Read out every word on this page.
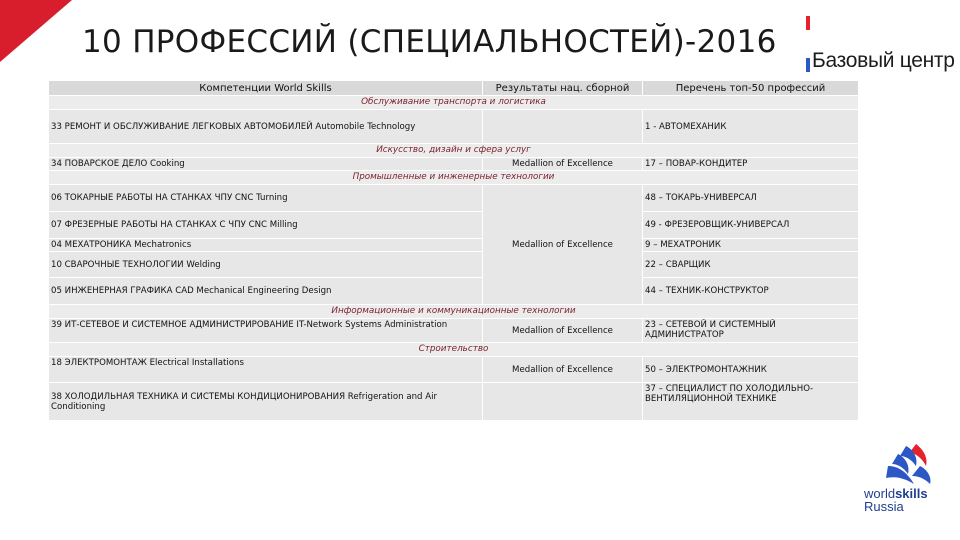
10 ПРОФЕССИЙ (СПЕЦИАЛЬНОСТЕЙ)-2016
Базовый центр
Компетенции World Skills	Результаты нац. сборной	Перечень топ-50 профессий
Обслуживание транспорта и логистика		
33 РЕМОНТ И ОБСЛУЖИВАНИЕ ЛЕГКОВЫХ АВТОМОБИЛЕЙ Automobile Technology		1 - АВТОМЕХАНИК
Искусство, дизайн и сфера услуг		
34 ПОВАРСКОЕ ДЕЛО Cooking	Medallion of Excellence	17 – ПОВАР-КОНДИТЕР
Промышленные и инженерные технологии		
06 ТОКАРНЫЕ РАБОТЫ НА СТАНКАХ ЧПУ CNC Turning	Medallion of Excellence	48 – ТОКАРЬ-УНИВЕРСАЛ
07 ФРЕЗЕРНЫЕ РАБОТЫ НА СТАНКАХ С ЧПУ CNC Milling		49 - ФРЕЗЕРОВЩИК-УНИВЕРСАЛ
04 МЕХАТРОНИКА Mechatronics		9 – МЕХАТРОНИК
10 СВАРОЧНЫЕ ТЕХНОЛОГИИ Welding		22 – СВАРЩИК
05 ИНЖЕНЕРНАЯ ГРАФИКА CAD Mechanical Engineering Design		44 – ТЕХНИК-КОНСТРУКТОР
Информационные и коммуникационные технологии		
39 ИТ-СЕТЕВОЕ И СИСТЕМНОЕ АДМИНИСТРИРОВАНИЕ IT-Network Systems Administration	Medallion of Excellence	23 – СЕТЕВОЙ И СИСТЕМНЫЙ АДМИНИСТРАТОР
Строительство		
18 ЭЛЕКТРОМОНТАЖ Electrical Installations	Medallion of Excellence	50 – ЭЛЕКТРОМОНТАЖНИК
38 ХОЛОДИЛЬНАЯ ТЕХНИКА И СИСТЕМЫ КОНДИЦИОНИРОВАНИЯ Refrigeration and Air Conditioning		37 – СПЕЦИАЛИСТ ПО ХОЛОДИЛЬНО-ВЕНТИЛЯЦИОННОЙ ТЕХНИКЕ
worldskills
Russia
